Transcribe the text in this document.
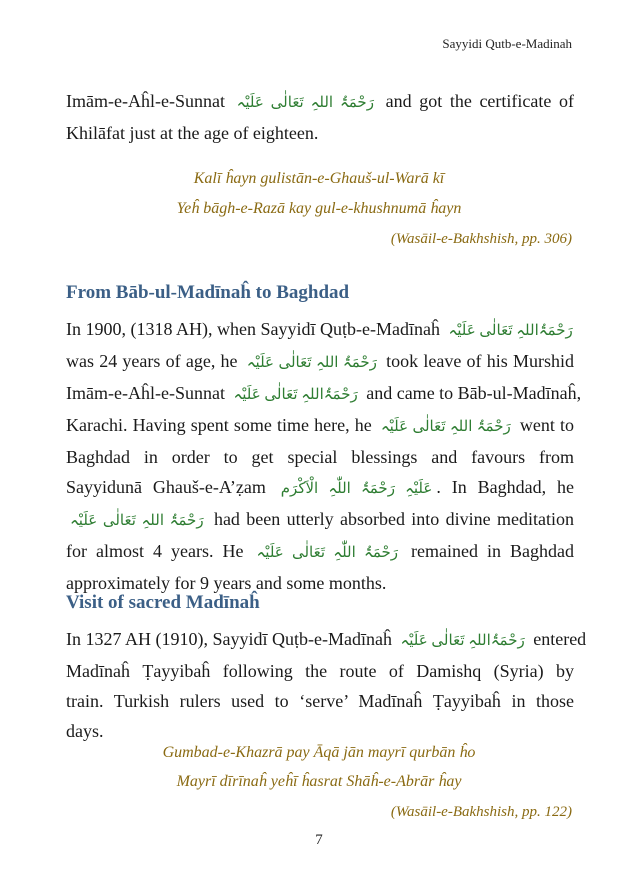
Sayyidi Qutb-e-Madinah
Imām-e-Aĥl-e-Sunnat رَحْمَۃُ اللہِ تَعَالٰی عَلَیْہ and got the certificate of
Khilāfat just at the age of eighteen.
Kalī ĥayn gulistān-e-Ghauš-ul-Warā kī
Yeĥ bāgh-e-Razā kay gul-e-khushnumā ĥayn
(Wasāil-e-Bakhshish, pp. 306)
From Bāb-ul-Madīnaĥ to Baghdad
In 1900, (1318 AH), when Sayyidī Quṭb-e-Madīnaĥ رَحْمَۃُاللہِ تَعَالٰی عَلَیْہ
was 24 years of age, he رَحْمَۃُ اللہِ تَعَالٰی عَلَیْہ took leave of his Murshid
Imām-e-Aĥl-e-Sunnat رَحْمَۃُاللہِ تَعَالٰی عَلَیْہ and came to Bāb-ul-Madīnaĥ,
Karachi. Having spent some time here, he رَحْمَۃُ اللہِ تَعَالٰی عَلَیْہ went to
Baghdad in order to get special blessings and favours from
Sayyidunā Ghauš-e-A’ẓam عَلَیْہِ رَحْمَۃُ اللّٰہِ الْاَکْرَم . In Baghdad, he
رَحْمَۃُ اللہِ تَعَالٰی عَلَیْہ had been utterly absorbed into divine meditation
for almost 4 years. He رَحْمَۃُ اللّٰہِ تَعَالٰی عَلَیْہ remained in Baghdad
approximately for 9 years and some months.
Visit of sacred Madīnaĥ
In 1327 AH (1910), Sayyidī Quṭb-e-Madīnaĥ رَحْمَۃُاللہِ تَعَالٰی عَلَیْہ entered
Madīnaĥ Ṭayyibaĥ following the route of Damishq (Syria) by
train. Turkish rulers used to ‘serve’ Madīnaĥ Ṭayyibaĥ in those
days.
Gumbad-e-Khazrā pay Āqā jān mayrī qurbān ĥo
Mayrī dīrīnaĥ yeĥī ĥasrat Shāĥ-e-Abrār ĥay
(Wasāil-e-Bakhshish, pp. 122)
7
